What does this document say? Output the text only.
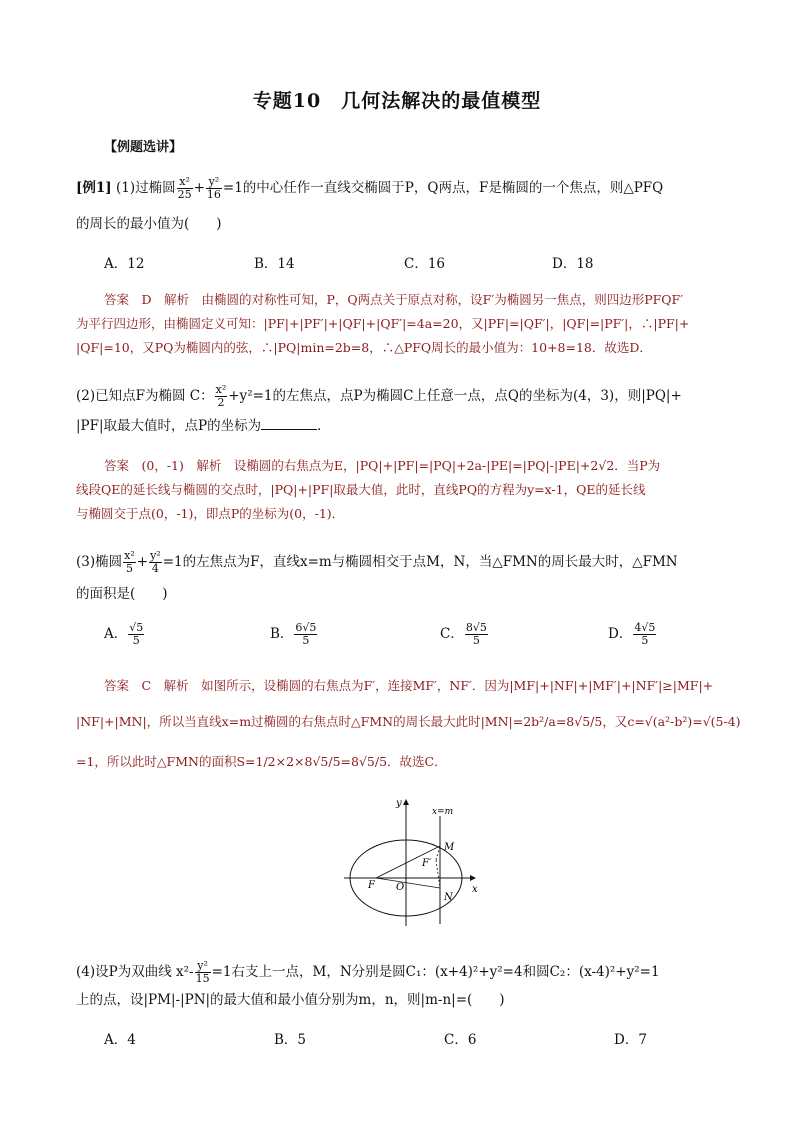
专题10　几何法解决的最值模型
【例题选讲】
[例1] (1)过椭圆 $\frac{\text{x²}}{25} + \frac{\text{y²}}{16} =1$的中心任作一直线交椭圆于P，Q两点，F是椭圆的一个焦点，则△PFQ
的周长的最小值为(　　)
A．12	B．14	C．16	D．18
答案　D　解析　由椭圆的对称性可知，P，Q两点关于原点对称，设F′为椭圆另一焦点，则四边形PFQF′
为平行四边形，由椭圆定义可知：|PF|+|PF′|+|QF|+|QF′|=4a=20，又|PF|=|QF′|，|QF|=|PF′|，∴|PF|+
|QF|=10，又PQ为椭圆内的弦，∴|PQ|min=2b=8，∴△PFQ周长的最小值为：10+8=18．故选D．
(2)已知点F为椭圆 C： $\frac{\text{x²}}{2} +y^2=1$的左焦点，点P为椭圆C上任意一点，点Q的坐标为(4，3)，则|PQ|+
|PF|取最大值时，点P的坐标为	．
答案　(0，-1)　解析　设椭圆的右焦点为E，|PQ|+|PF|=|PQ|+2a-|PE|=|PQ|-|PE|+2√2．当P为
线段QE的延长线与椭圆的交点时，|PQ|+|PF|取最大值，此时，直线PQ的方程为y=x-1，QE的延长线
与椭圆交于点(0，-1)，即点P的坐标为(0，-1)．
(3)椭圆 $\frac{\text{x²}}{5} + \frac{\text{y²}}{4} =1$的左焦点为F，直线x=m与椭圆相交于点M，N，当△FMN的周长最大时，△FMN
的面积是(　　)
A． $\frac{√5}{5}$	B． $\frac{6√5}{5}$	C． $\frac{8√5}{5}$	D． $\frac{4√5}{5}$
答案　C　解析　如图所示，设椭圆的右焦点为F′，连接MF′，NF′．因为|MF|+|NF|+|MF′|+|NF′|≥|MF|+
|NF|+|MN|，所以当直线x=m过椭圆的右焦点时△FMN的周长最大此时|MN|=2b²/a=8√5/5，又c=√(a²-b²)=√(5-4)
=1，所以此时△FMN的面积S=1/2×2×8√5/5=8√5/5．故选C．
y
x
x=m
M
N
F
F′
O
(4)设P为双曲线 $x^2- \frac{\text{y²}}{15} =1$右支上一点，M，N分别是圆C₁：(x+4)²+y²=4和圆C₂：(x-4)²+y²=1
上的点，设|PM|-|PN|的最大值和最小值分别为m，n，则|m-n|=(　　)
A．4	B．5	C．6	D．7
